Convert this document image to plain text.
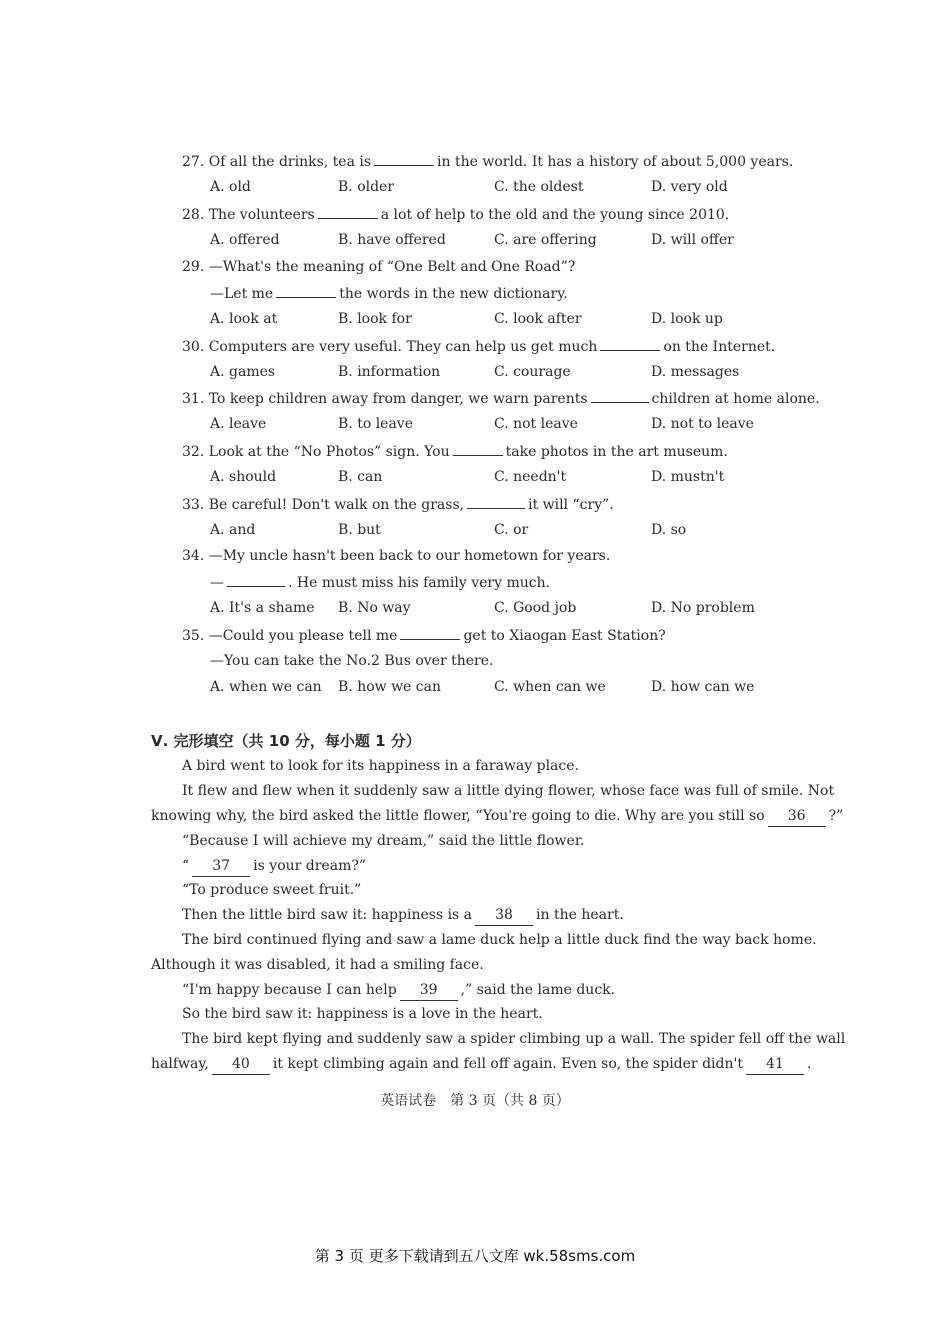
27. Of all the drinks, tea is	in the world. It has a history of about 5,000 years.
A. old	B. older	C. the oldest	D. very old
28. The volunteers	a lot of help to the old and the young since 2010.
A. offered	B. have offered	C. are offering	D. will offer
29. —What's the meaning of “One Belt and One Road”?
—Let me	the words in the new dictionary.
A. look at	B. look for	C. look after	D. look up
30. Computers are very useful. They can help us get much	on the Internet.
A. games	B. information	C. courage	D. messages
31. To keep children away from danger, we warn parents	children at home alone.
A. leave	B. to leave	C. not leave	D. not to leave
32. Look at the “No Photos” sign. You	take photos in the art museum.
A. should	B. can	C. needn't	D. mustn't
33. Be careful! Don't walk on the grass,	it will “cry”.
A. and	B. but	C. or	D. so
34. —My uncle hasn't been back to our hometown for years.
—	. He must miss his family very much.
A. It's a shame B. No way	C. Good job	D. No problem
35. —Could you please tell me	get to Xiaogan East Station?
—You can take the No.2 Bus over there.
A. when we can B. how we can	C. when can we	D. how can we
Ⅴ. 完形填空（共 10 分，每小题 1 分）
A bird went to look for its happiness in a faraway place.
It flew and flew when it suddenly saw a little dying flower, whose face was full of smile. Not
knowing why, the bird asked the little flower, “You're going to die. Why are you still so 36 ?”
“Because I will achieve my dream,” said the little flower.
“ 37 is your dream?”
“To produce sweet fruit.”
Then the little bird saw it: happiness is a 38 in the heart.
The bird continued flying and saw a lame duck help a little duck find the way back home.
Although it was disabled, it had a smiling face.
“I'm happy because I can help 39 ,” said the lame duck.
So the bird saw it: happiness is a love in the heart.
The bird kept flying and suddenly saw a spider climbing up a wall. The spider fell off the wall
halfway, 40 it kept climbing again and fell off again. Even so, the spider didn't 41 .
英语试卷　第 3 页（共 8 页）
第 3 页 更多下载请到五八文库 wk.58sms.com
